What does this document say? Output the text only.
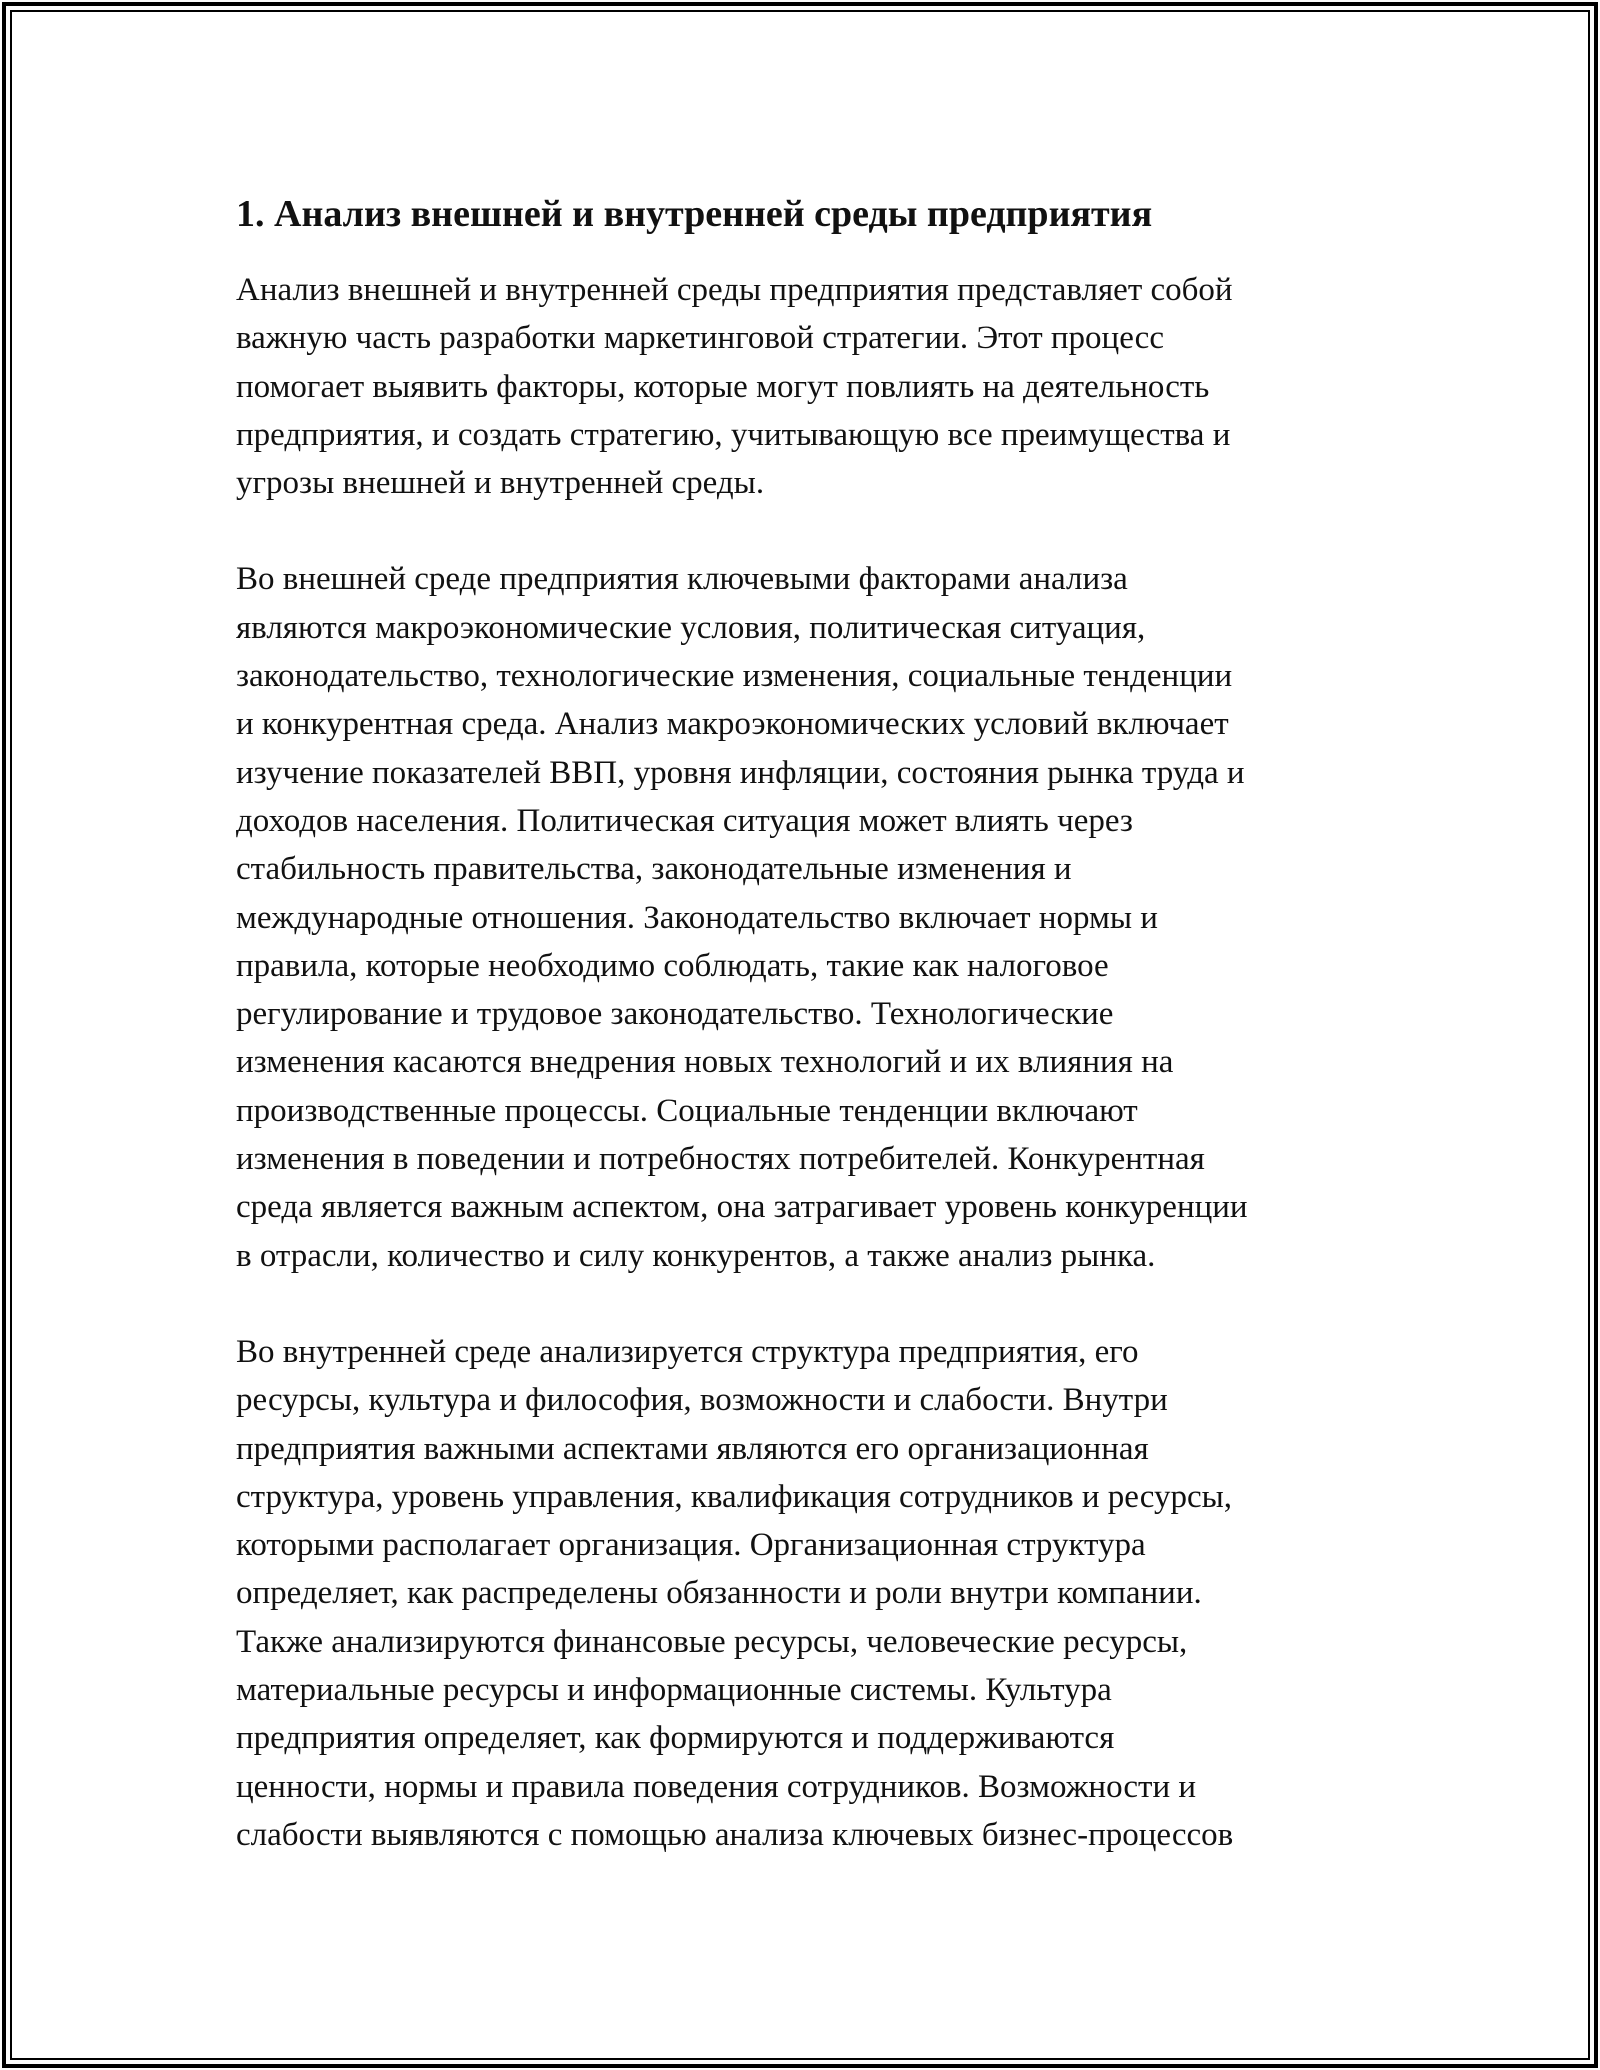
1. Анализ внешней и внутренней среды предприятия

Анализ внешней и внутренней среды предприятия представляет собой
важную часть разработки маркетинговой стратегии. Этот процесс
помогает выявить факторы, которые могут повлиять на деятельность
предприятия, и создать стратегию, учитывающую все преимущества и
угрозы внешней и внутренней среды.

Во внешней среде предприятия ключевыми факторами анализа
являются макроэкономические условия, политическая ситуация,
законодательство, технологические изменения, социальные тенденции
и конкурентная среда. Анализ макроэкономических условий включает
изучение показателей ВВП, уровня инфляции, состояния рынка труда и
доходов населения. Политическая ситуация может влиять через
стабильность правительства, законодательные изменения и
международные отношения. Законодательство включает нормы и
правила, которые необходимо соблюдать, такие как налоговое
регулирование и трудовое законодательство. Технологические
изменения касаются внедрения новых технологий и их влияния на
производственные процессы. Социальные тенденции включают
изменения в поведении и потребностях потребителей. Конкурентная
среда является важным аспектом, она затрагивает уровень конкуренции
в отрасли, количество и силу конкурентов, а также анализ рынка.

Во внутренней среде анализируется структура предприятия, его
ресурсы, культура и философия, возможности и слабости. Внутри
предприятия важными аспектами являются его организационная
структура, уровень управления, квалификация сотрудников и ресурсы,
которыми располагает организация. Организационная структура
определяет, как распределены обязанности и роли внутри компании.
Также анализируются финансовые ресурсы, человеческие ресурсы,
материальные ресурсы и информационные системы. Культура
предприятия определяет, как формируются и поддерживаются
ценности, нормы и правила поведения сотрудников. Возможности и
слабости выявляются с помощью анализа ключевых бизнес-процессов
